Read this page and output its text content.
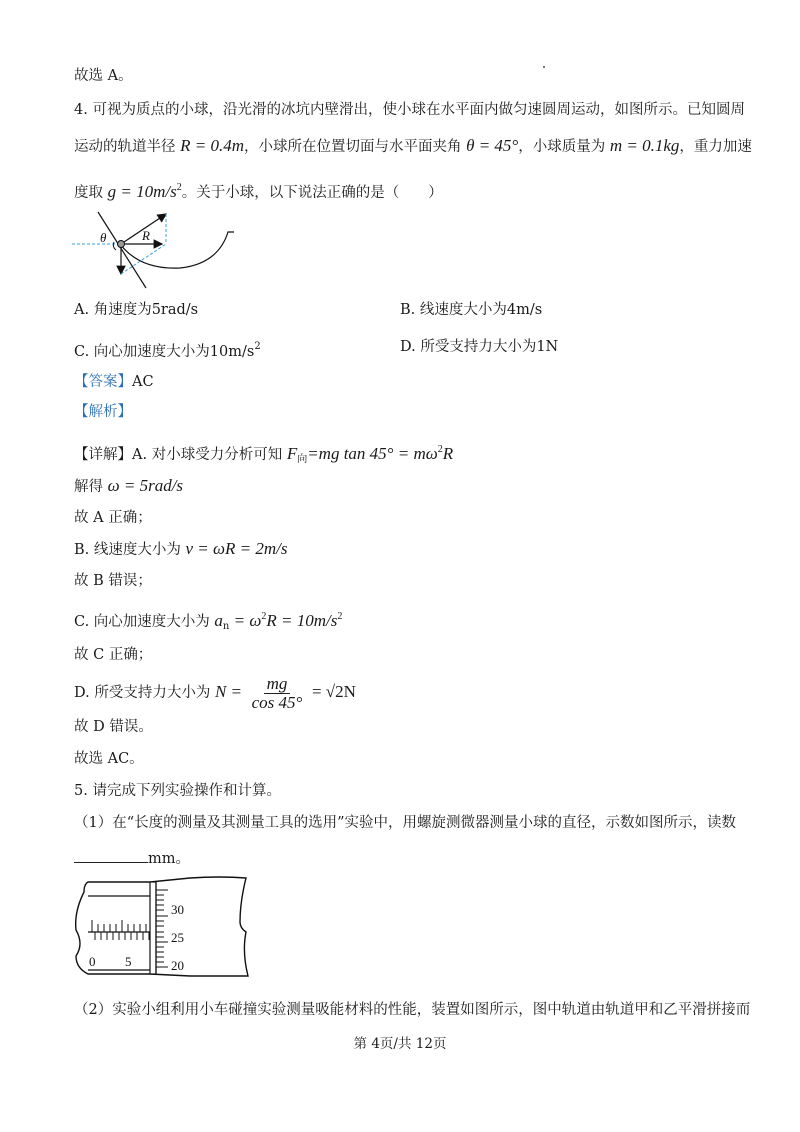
故选 A。
4. 可视为质点的小球，沿光滑的冰坑内壁滑出，使小球在水平面内做匀速圆周运动，如图所示。已知圆周
运动的轨道半径 R = 0.4m，小球所在位置切面与水平面夹角 θ = 45°，小球质量为 m = 0.1kg，重力加速
度取 $g = 10m/s^2$。关于小球，以下说法正确的是（　　）
θ	R
A. 角速度为5rad/s	B. 线速度大小为4m/s
C. 向心加速度大小为$10m/s^2$	D. 所受支持力大小为1N
【答案】AC
【解析】
【详解】A. 对小球受力分析可知 $F_向=mg$ $\tan 45^\circ = m\omega^2R$
解得 ω = 5rad/s
故 A 正确；
B. 线速度大小为 v = ωR = 2m/s
故 B 错误；
C. 向心加速度大小为 $a_n = \omega^2R = 10m/s^2$
故 C 正确；
D. 所受支持力大小为 $N = \frac{mg}{\cos 45^\circ} = √2N$
故 D 错误。
故选 AC。
5. 请完成下列实验操作和计算。
（1）在“长度的测量及其测量工具的选用”实验中，用螺旋测微器测量小球的直径，示数如图所示，读数
mm。
0 5
30
25
20
（2）实验小组利用小车碰撞实验测量吸能材料的性能，装置如图所示，图中轨道由轨道甲和乙平滑拼接而
第 4页/共 12页
